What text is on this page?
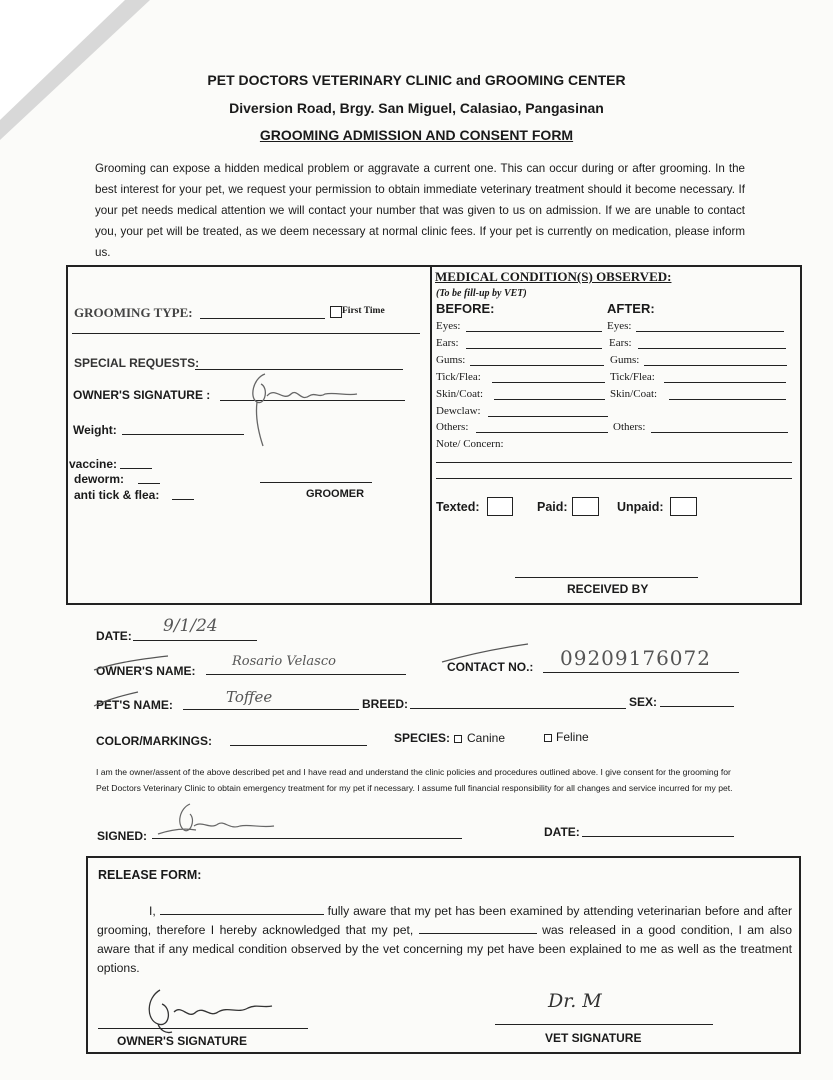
PET DOCTORS VETERINARY CLINIC and GROOMING CENTER
Diversion Road, Brgy. San Miguel, Calasiao, Pangasinan
GROOMING ADMISSION AND CONSENT FORM
Grooming can expose a hidden medical problem or aggravate a current one. This can occur during or after grooming. In the best interest for your pet, we request your permission to obtain immediate veterinary treatment should it become necessary. If your pet needs medical attention we will contact your number that was given to us on admission. If we are unable to contact you, your pet will be treated, as we deem necessary at normal clinic fees. If your pet is currently on medication, please inform us.
GROOMING TYPE:	First Time
SPECIAL REQUESTS:
OWNER'S SIGNATURE :
Weight:
vaccine:
deworm:
anti tick & flea:	GROOMER
MEDICAL CONDITION(S) OBSERVED:
(To be fill-up by VET)
BEFORE:	AFTER:
Eyes:	Eyes:
Ears:	Ears:
Gums:	Gums:
Tick/Flea:	Tick/Flea:
Skin/Coat:	Skin/Coat:
Dewclaw:
Others:	Others:
Note/ Concern:
Texted:	Paid:	Unpaid:
RECEIVED BY
DATE: 9/1/24
OWNER'S NAME:
Rosario Velasco	CONTACT NO.: 09209176072
PET'S NAME:	Toffee	BREED:	SEX:
COLOR/MARKINGS:	SPECIES: Canine	Feline
I am the owner/assent of the above described pet and I have read and understand the clinic policies and procedures outlined above. I give consent for the grooming for Pet Doctors Veterinary Clinic to obtain emergency treatment for my pet if necessary. I assume full financial responsibility for all changes and service incurred for my pet.
SIGNED:	DATE:
RELEASE FORM:
I,	fully aware that my pet has been examined by attending veterinarian before and after grooming, therefore I hereby acknowledged that my pet,	was released in a good condition, I am also aware that if any medical condition observed by the vet concerning my pet have been explained to me as well as the treatment options.
OWNER'S SIGNATURE
Dr. M
VET SIGNATURE
